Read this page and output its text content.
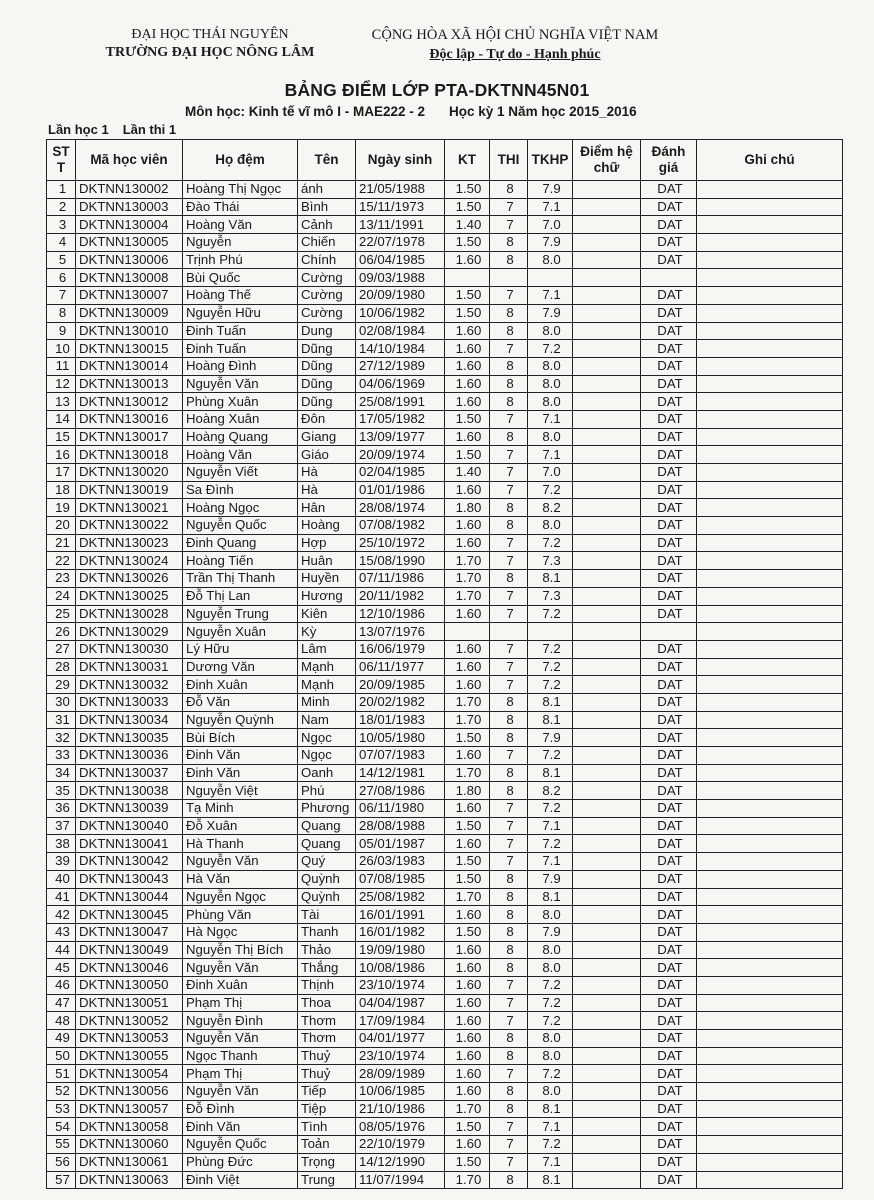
ĐẠI HỌC THÁI NGUYÊN
TRƯỜNG ĐẠI HỌC NÔNG LÂM
CỘNG HÒA XÃ HỘI CHỦ NGHĨA VIỆT NAM
Độc lập - Tự do - Hạnh phúc
BẢNG ĐIỂM LỚP PTA-DKTNN45N01
Môn học: Kinh tế vĩ mô I - MAE222 - 2 Học kỳ 1 Năm học 2015_2016
Lần học 1 Lần thi 1
ST
T	Mã học viên	Họ đệm	Tên	Ngày sinh	KT	THI	TKHP	Điểm hệ
chữ	Đánh
giá	Ghi chú
1	DKTNN130002	Hoàng Thị Ngọc	ánh	21/05/1988	1.50	8	7.9		DAT	
2	DKTNN130003	Đào Thái	Bình	15/11/1973	1.50	7	7.1		DAT	
3	DKTNN130004	Hoàng Văn	Cảnh	13/11/1991	1.40	7	7.0		DAT	
4	DKTNN130005	Nguyễn	Chiến	22/07/1978	1.50	8	7.9		DAT	
5	DKTNN130006	Trịnh Phú	Chính	06/04/1985	1.60	8	8.0		DAT	
6	DKTNN130008	Bùi Quốc	Cường	09/03/1988						
7	DKTNN130007	Hoàng Thế	Cường	20/09/1980	1.50	7	7.1		DAT	
8	DKTNN130009	Nguyễn Hữu	Cường	10/06/1982	1.50	8	7.9		DAT	
9	DKTNN130010	Đinh Tuấn	Dung	02/08/1984	1.60	8	8.0		DAT	
10	DKTNN130015	Đinh Tuấn	Dũng	14/10/1984	1.60	7	7.2		DAT	
11	DKTNN130014	Hoàng Đình	Dũng	27/12/1989	1.60	8	8.0		DAT	
12	DKTNN130013	Nguyễn Văn	Dũng	04/06/1969	1.60	8	8.0		DAT	
13	DKTNN130012	Phùng Xuân	Dũng	25/08/1991	1.60	8	8.0		DAT	
14	DKTNN130016	Hoàng Xuân	Đôn	17/05/1982	1.50	7	7.1		DAT	
15	DKTNN130017	Hoàng Quang	Giang	13/09/1977	1.60	8	8.0		DAT	
16	DKTNN130018	Hoàng Văn	Giáo	20/09/1974	1.50	7	7.1		DAT	
17	DKTNN130020	Nguyễn Viết	Hà	02/04/1985	1.40	7	7.0		DAT	
18	DKTNN130019	Sa Đình	Hà	01/01/1986	1.60	7	7.2		DAT	
19	DKTNN130021	Hoàng Ngọc	Hân	28/08/1974	1.80	8	8.2		DAT	
20	DKTNN130022	Nguyễn Quốc	Hoàng	07/08/1982	1.60	8	8.0		DAT	
21	DKTNN130023	Đinh Quang	Hợp	25/10/1972	1.60	7	7.2		DAT	
22	DKTNN130024	Hoàng Tiến	Huân	15/08/1990	1.70	7	7.3		DAT	
23	DKTNN130026	Trần Thị Thanh	Huyền	07/11/1986	1.70	8	8.1		DAT	
24	DKTNN130025	Đỗ Thị Lan	Hương	20/11/1982	1.70	7	7.3		DAT	
25	DKTNN130028	Nguyễn Trung	Kiên	12/10/1986	1.60	7	7.2		DAT	
26	DKTNN130029	Nguyễn Xuân	Kỳ	13/07/1976						
27	DKTNN130030	Lý Hữu	Lâm	16/06/1979	1.60	7	7.2		DAT	
28	DKTNN130031	Dương Văn	Mạnh	06/11/1977	1.60	7	7.2		DAT	
29	DKTNN130032	Đinh Xuân	Mạnh	20/09/1985	1.60	7	7.2		DAT	
30	DKTNN130033	Đỗ Văn	Minh	20/02/1982	1.70	8	8.1		DAT	
31	DKTNN130034	Nguyễn Quỳnh	Nam	18/01/1983	1.70	8	8.1		DAT	
32	DKTNN130035	Bùi Bích	Ngọc	10/05/1980	1.50	8	7.9		DAT	
33	DKTNN130036	Đinh Văn	Ngọc	07/07/1983	1.60	7	7.2		DAT	
34	DKTNN130037	Đinh Văn	Oanh	14/12/1981	1.70	8	8.1		DAT	
35	DKTNN130038	Nguyễn Việt	Phú	27/08/1986	1.80	8	8.2		DAT	
36	DKTNN130039	Tạ Minh	Phương	06/11/1980	1.60	7	7.2		DAT	
37	DKTNN130040	Đỗ Xuân	Quang	28/08/1988	1.50	7	7.1		DAT	
38	DKTNN130041	Hà Thanh	Quang	05/01/1987	1.60	7	7.2		DAT	
39	DKTNN130042	Nguyễn Văn	Quý	26/03/1983	1.50	7	7.1		DAT	
40	DKTNN130043	Hà Văn	Quỳnh	07/08/1985	1.50	8	7.9		DAT	
41	DKTNN130044	Nguyễn Ngọc	Quỳnh	25/08/1982	1.70	8	8.1		DAT	
42	DKTNN130045	Phùng Văn	Tài	16/01/1991	1.60	8	8.0		DAT	
43	DKTNN130047	Hà Ngọc	Thanh	16/01/1982	1.50	8	7.9		DAT	
44	DKTNN130049	Nguyễn Thị Bích	Thảo	19/09/1980	1.60	8	8.0		DAT	
45	DKTNN130046	Nguyễn Văn	Thắng	10/08/1986	1.60	8	8.0		DAT	
46	DKTNN130050	Đinh Xuân	Thịnh	23/10/1974	1.60	7	7.2		DAT	
47	DKTNN130051	Phạm Thị	Thoa	04/04/1987	1.60	7	7.2		DAT	
48	DKTNN130052	Nguyễn Đình	Thơm	17/09/1984	1.60	7	7.2		DAT	
49	DKTNN130053	Nguyễn Văn	Thơm	04/01/1977	1.60	8	8.0		DAT	
50	DKTNN130055	Ngọc Thanh	Thuỷ	23/10/1974	1.60	8	8.0		DAT	
51	DKTNN130054	Phạm Thị	Thuỷ	28/09/1989	1.60	7	7.2		DAT	
52	DKTNN130056	Nguyễn Văn	Tiếp	10/06/1985	1.60	8	8.0		DAT	
53	DKTNN130057	Đỗ Đình	Tiệp	21/10/1986	1.70	8	8.1		DAT	
54	DKTNN130058	Đinh Văn	Tình	08/05/1976	1.50	7	7.1		DAT	
55	DKTNN130060	Nguyễn Quốc	Toản	22/10/1979	1.60	7	7.2		DAT	
56	DKTNN130061	Phùng Đức	Trọng	14/12/1990	1.50	7	7.1		DAT	
57	DKTNN130063	Đinh Việt	Trung	11/07/1994	1.70	8	8.1		DAT	
